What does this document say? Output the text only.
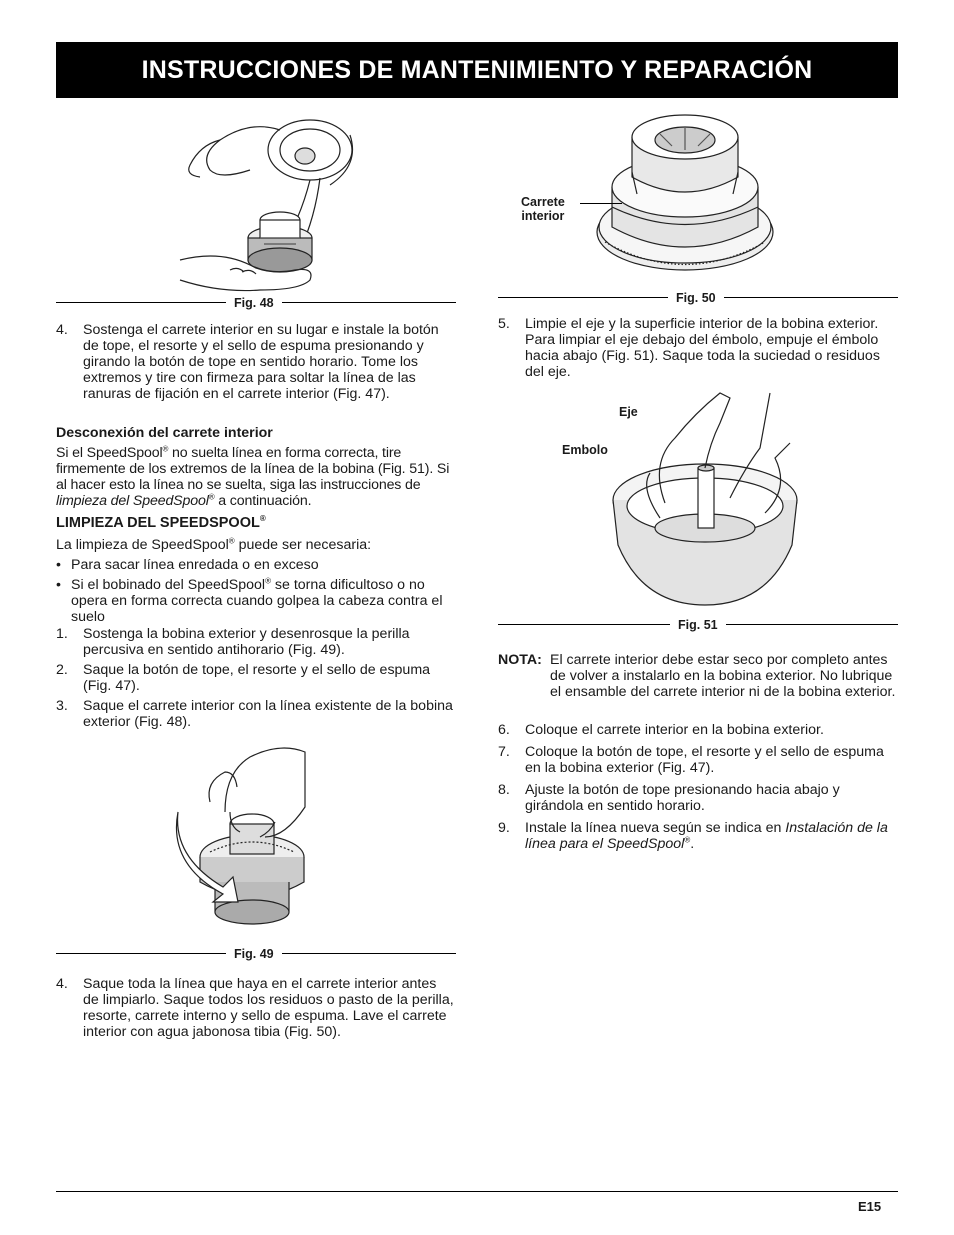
INSTRUCCIONES DE MANTENIMIENTO Y REPARACIÓN
Fig. 48
4. Sostenga el carrete interior en su lugar e instale la botón de tope, el resorte y el sello de espuma presionando y girando la botón de tope en sentido horario. Tome los extremos y tire con firmeza para soltar la línea de las ranuras de fijación en el carrete interior (Fig. 47).
Desconexión del carrete interior
Si el SpeedSpool® no suelta línea en forma correcta, tire firmemente de los extremos de la línea de la bobina (Fig. 51). Si al hacer esto la línea no se suelta, siga las instrucciones de limpieza del SpeedSpool® a continuación.
LIMPIEZA DEL SPEEDSPOOL®
La limpieza de SpeedSpool® puede ser necesaria:
• Para sacar línea enredada o en exceso
• Si el bobinado del SpeedSpool® se torna dificultoso o no opera en forma correcta cuando golpea la cabeza contra el suelo
1. Sostenga la bobina exterior y desenrosque la perilla percusiva en sentido antihorario (Fig. 49).
2. Saque la botón de tope, el resorte y el sello de espuma (Fig. 47).
3. Saque el carrete interior con la línea existente de la bobina exterior (Fig. 48).
Fig. 49
4. Saque toda la línea que haya en el carrete interior antes de limpiarlo. Saque todos los residuos o pasto de la perilla, resorte, carrete interno y sello de espuma. Lave el carrete interior con agua jabonosa tibia (Fig. 50).
Carrete
interior
Fig. 50
5. Limpie el eje y la superficie interior de la bobina exterior. Para limpiar el eje debajo del émbolo, empuje el émbolo hacia abajo (Fig. 51). Saque toda la suciedad o residuos del eje.
Eje
Embolo
Fig. 51
NOTA: El carrete interior debe estar seco por completo antes de volver a instalarlo en la bobina exterior. No lubrique el ensamble del carrete interior ni de la bobina exterior.
6. Coloque el carrete interior en la bobina exterior.
7. Coloque la botón de tope, el resorte y el sello de espuma en la bobina exterior (Fig. 47).
8. Ajuste la botón de tope presionando hacia abajo y girándola en sentido horario.
9. Instale la línea nueva según se indica en Instalación de la línea para el SpeedSpool®.
E15
